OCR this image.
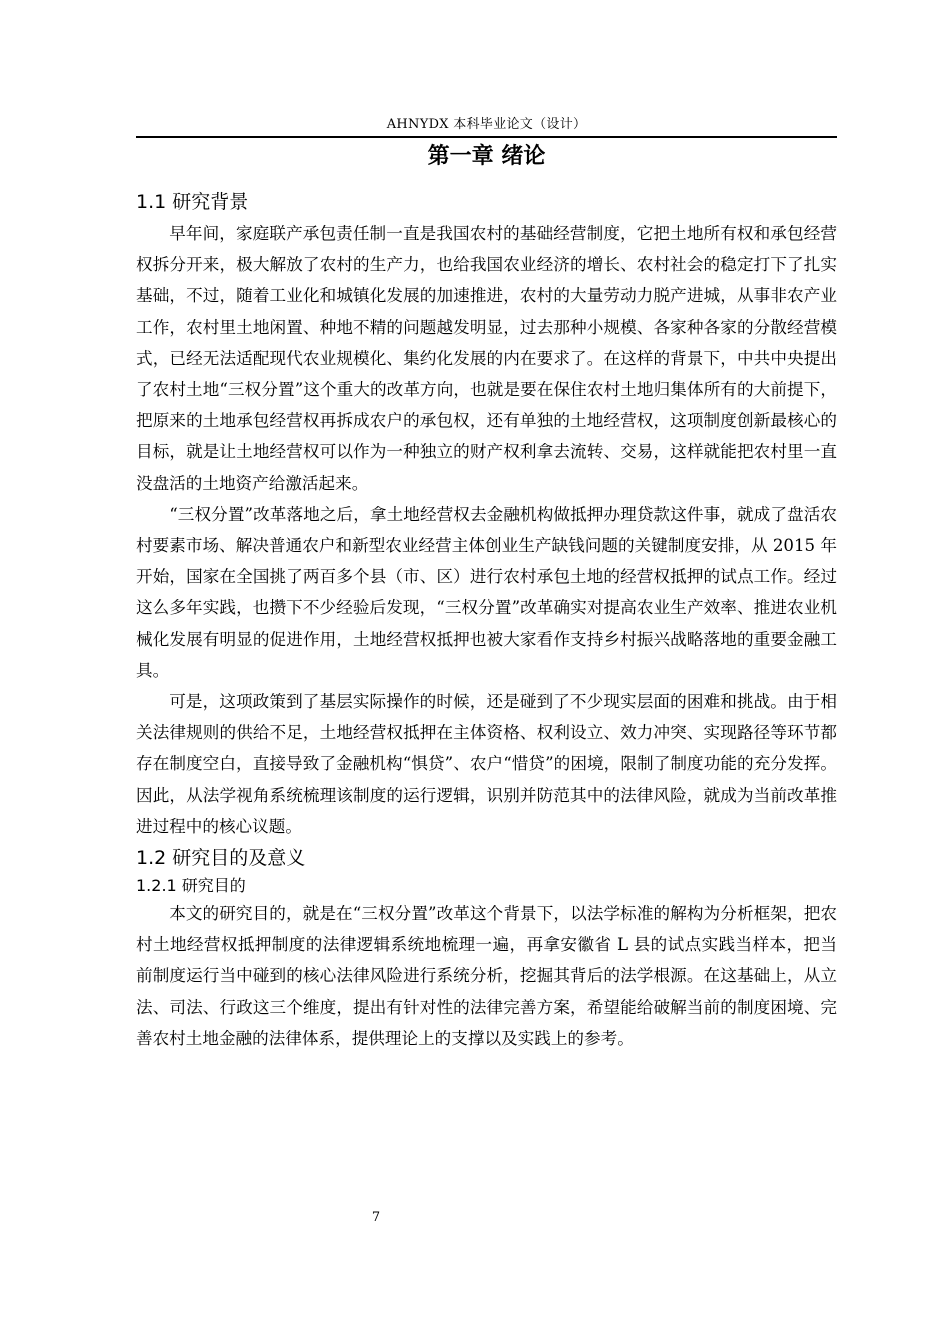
AHNYDX 本科毕业论文（设计）
第一章 绪论
1.1 研究背景

早年间，家庭联产承包责任制一直是我国农村的基础经营制度，它把土地所有权和承包经营权拆分开来，极大解放了农村的生产力，也给我国农业经济的增长、农村社会的稳定打下了扎实基础，不过，随着工业化和城镇化发展的加速推进，农村的大量劳动力脱产进城，从事非农产业工作，农村里土地闲置、种地不精的问题越发明显，过去那种小规模、各家种各家的分散经营模式，已经无法适配现代农业规模化、集约化发展的内在要求了。在这样的背景下，中共中央提出了农村土地“三权分置”这个重大的改革方向，也就是要在保住农村土地归集体所有的大前提下，把原来的土地承包经营权再拆成农户的承包权，还有单独的土地经营权，这项制度创新最核心的目标，就是让土地经营权可以作为一种独立的财产权利拿去流转、交易，这样就能把农村里一直没盘活的土地资产给激活起来。

“三权分置”改革落地之后，拿土地经营权去金融机构做抵押办理贷款这件事，就成了盘活农村要素市场、解决普通农户和新型农业经营主体创业生产缺钱问题的关键制度安排，从 2015 年开始，国家在全国挑了两百多个县（市、区）进行农村承包土地的经营权抵押的试点工作。经过这么多年实践，也攒下不少经验后发现，“三权分置”改革确实对提高农业生产效率、推进农业机械化发展有明显的促进作用，土地经营权抵押也被大家看作支持乡村振兴战略落地的重要金融工具。

可是，这项政策到了基层实际操作的时候，还是碰到了不少现实层面的困难和挑战。由于相关法律规则的供给不足，土地经营权抵押在主体资格、权利设立、效力冲突、实现路径等环节都存在制度空白，直接导致了金融机构“惧贷”、农户“惜贷”的困境，限制了制度功能的充分发挥。因此，从法学视角系统梳理该制度的运行逻辑，识别并防范其中的法律风险，就成为当前改革推进过程中的核心议题。

1.2 研究目的及意义
1.2.1 研究目的

本文的研究目的，就是在“三权分置”改革这个背景下，以法学标准的解构为分析框架，把农村土地经营权抵押制度的法律逻辑系统地梳理一遍，再拿安徽省 L 县的试点实践当样本，把当前制度运行当中碰到的核心法律风险进行系统分析，挖掘其背后的法学根源。在这基础上，从立法、司法、行政这三个维度，提出有针对性的法律完善方案，希望能给破解当前的制度困境、完善农村土地金融的法律体系，提供理论上的支撑以及实践上的参考。

7
